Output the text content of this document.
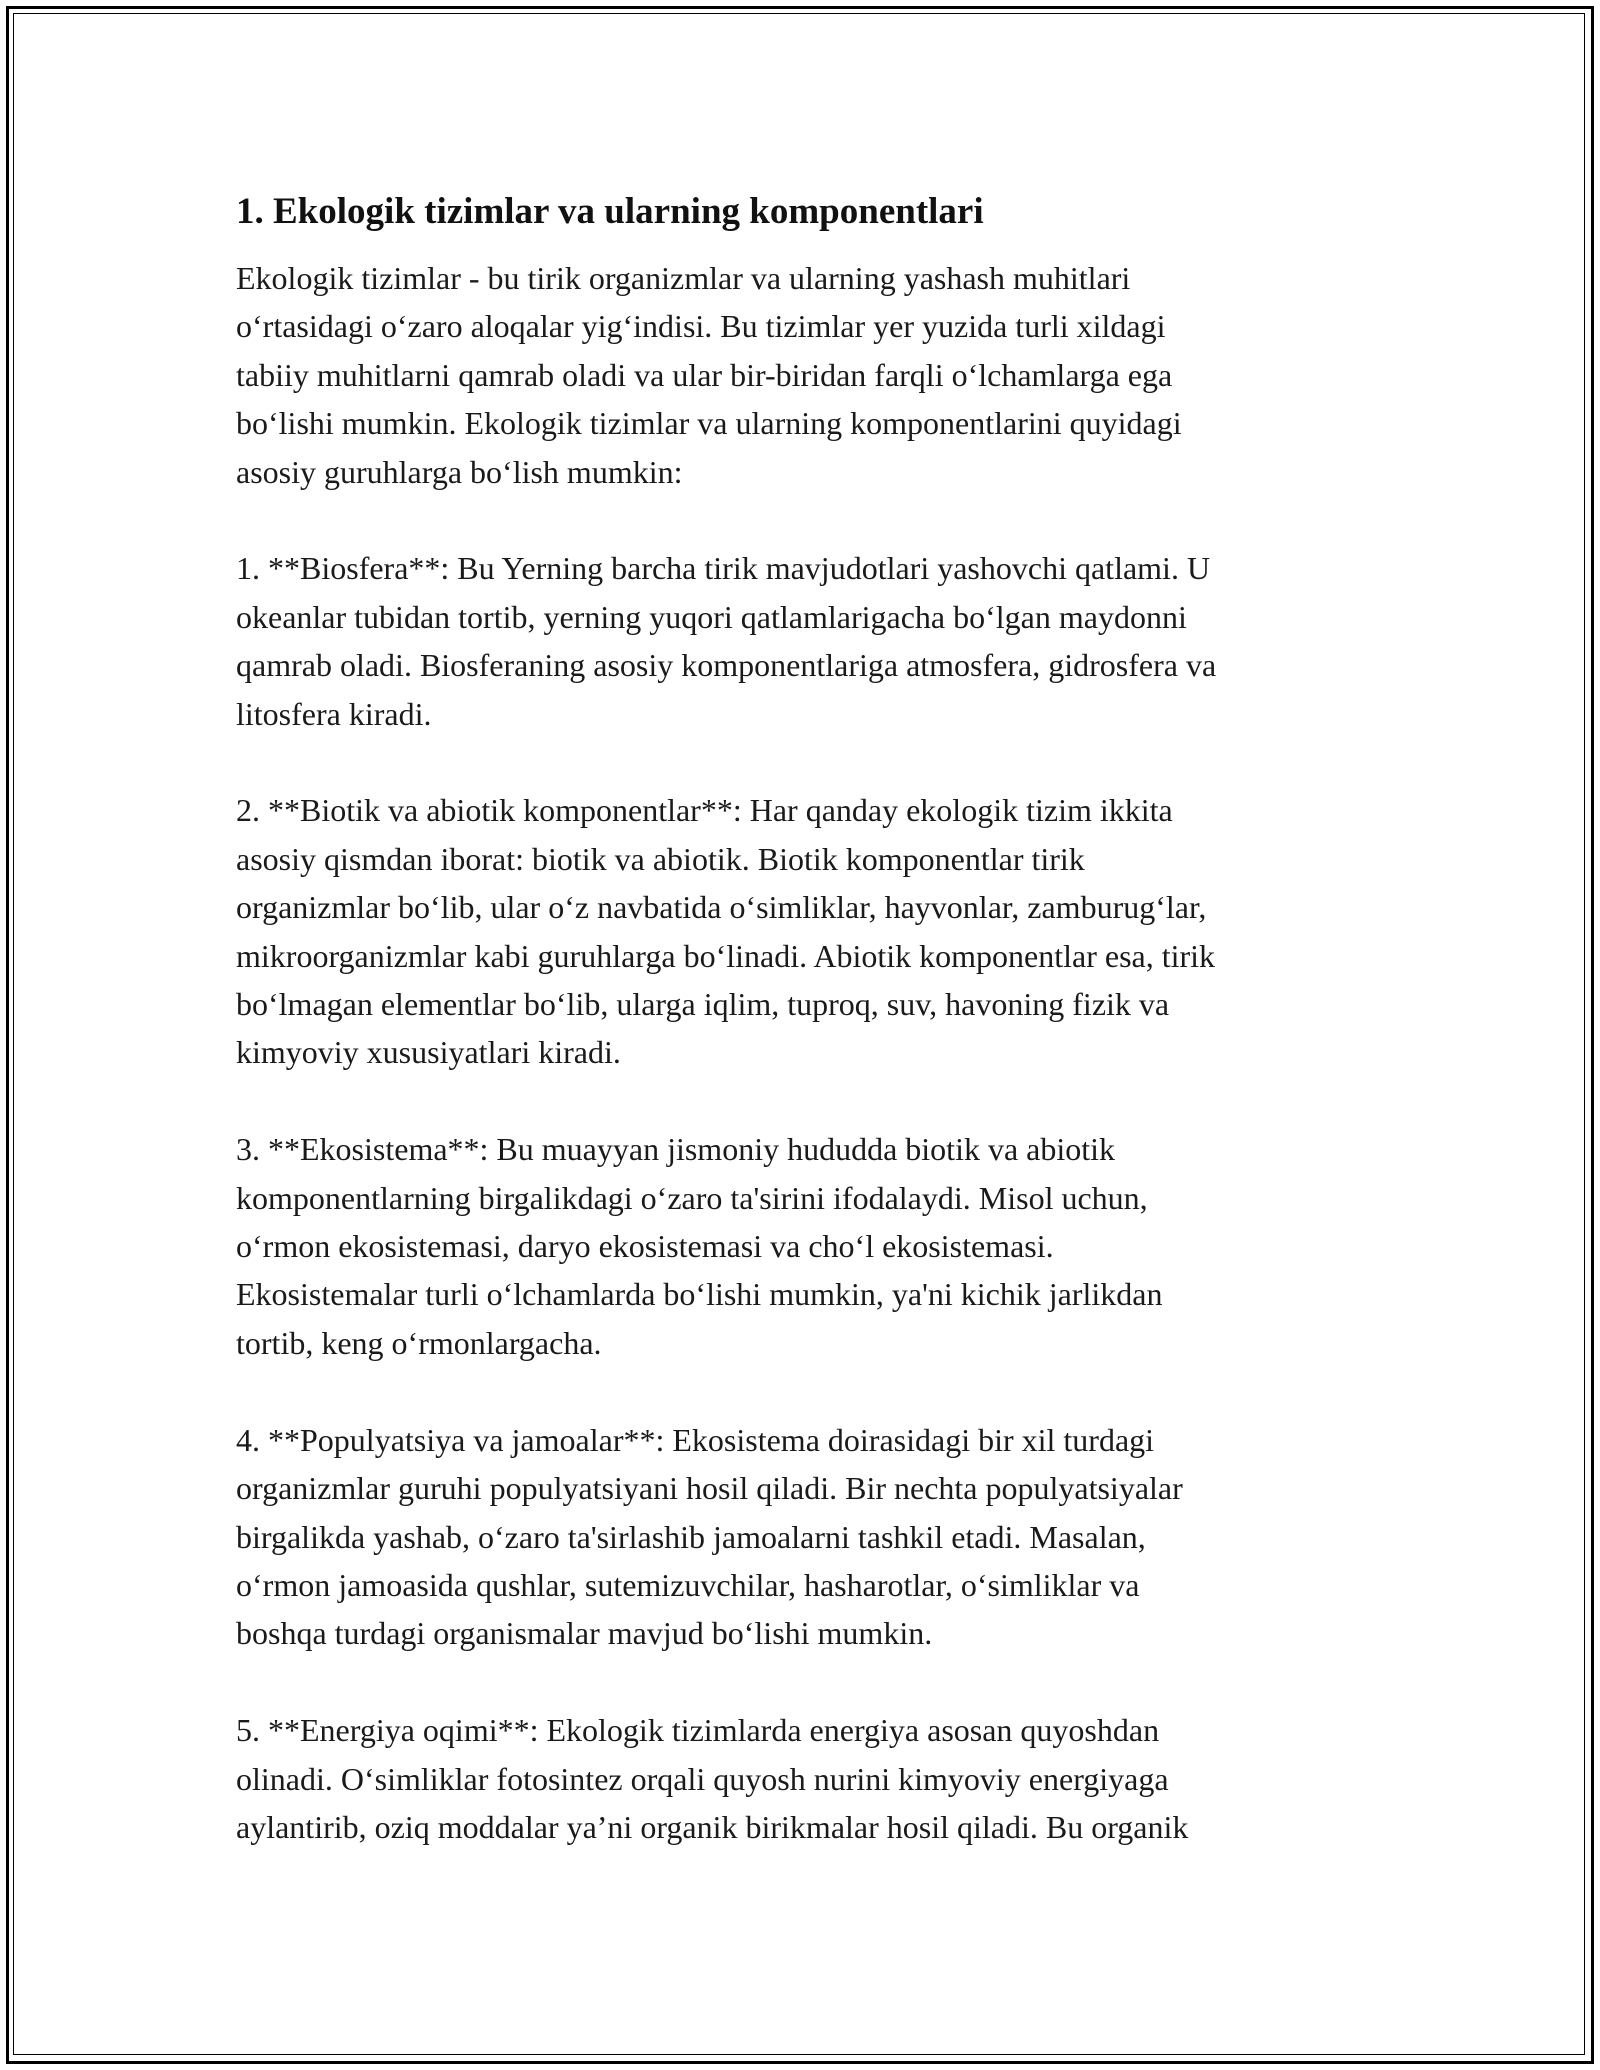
1. Ekologik tizimlar va ularning komponentlari

Ekologik tizimlar - bu tirik organizmlar va ularning yashash muhitlari
o‘rtasidagi o‘zaro aloqalar yig‘indisi. Bu tizimlar yer yuzida turli xildagi
tabiiy muhitlarni qamrab oladi va ular bir-biridan farqli o‘lchamlarga ega
bo‘lishi mumkin. Ekologik tizimlar va ularning komponentlarini quyidagi
asosiy guruhlarga bo‘lish mumkin:

1. **Biosfera**: Bu Yerning barcha tirik mavjudotlari yashovchi qatlami. U
okeanlar tubidan tortib, yerning yuqori qatlamlarigacha bo‘lgan maydonni
qamrab oladi. Biosferaning asosiy komponentlariga atmosfera, gidrosfera va
litosfera kiradi.

2. **Biotik va abiotik komponentlar**: Har qanday ekologik tizim ikkita
asosiy qismdan iborat: biotik va abiotik. Biotik komponentlar tirik
organizmlar bo‘lib, ular o‘z navbatida o‘simliklar, hayvonlar, zamburug‘lar,
mikroorganizmlar kabi guruhlarga bo‘linadi. Abiotik komponentlar esa, tirik
bo‘lmagan elementlar bo‘lib, ularga iqlim, tuproq, suv, havoning fizik va
kimyoviy xususiyatlari kiradi.

3. **Ekosistema**: Bu muayyan jismoniy hududda biotik va abiotik
komponentlarning birgalikdagi o‘zaro ta'sirini ifodalaydi. Misol uchun,
o‘rmon ekosistemasi, daryo ekosistemasi va cho‘l ekosistemasi.
Ekosistemalar turli o‘lchamlarda bo‘lishi mumkin, ya'ni kichik jarlikdan
tortib, keng o‘rmonlargacha.

4. **Populyatsiya va jamoalar**: Ekosistema doirasidagi bir xil turdagi
organizmlar guruhi populyatsiyani hosil qiladi. Bir nechta populyatsiyalar
birgalikda yashab, o‘zaro ta'sirlashib jamoalarni tashkil etadi. Masalan,
o‘rmon jamoasida qushlar, sutemizuvchilar, hasharotlar, o‘simliklar va
boshqa turdagi organismalar mavjud bo‘lishi mumkin.

5. **Energiya oqimi**: Ekologik tizimlarda energiya asosan quyoshdan
olinadi. O‘simliklar fotosintez orqali quyosh nurini kimyoviy energiyaga
aylantirib, oziq moddalar ya’ni organik birikmalar hosil qiladi. Bu organik
